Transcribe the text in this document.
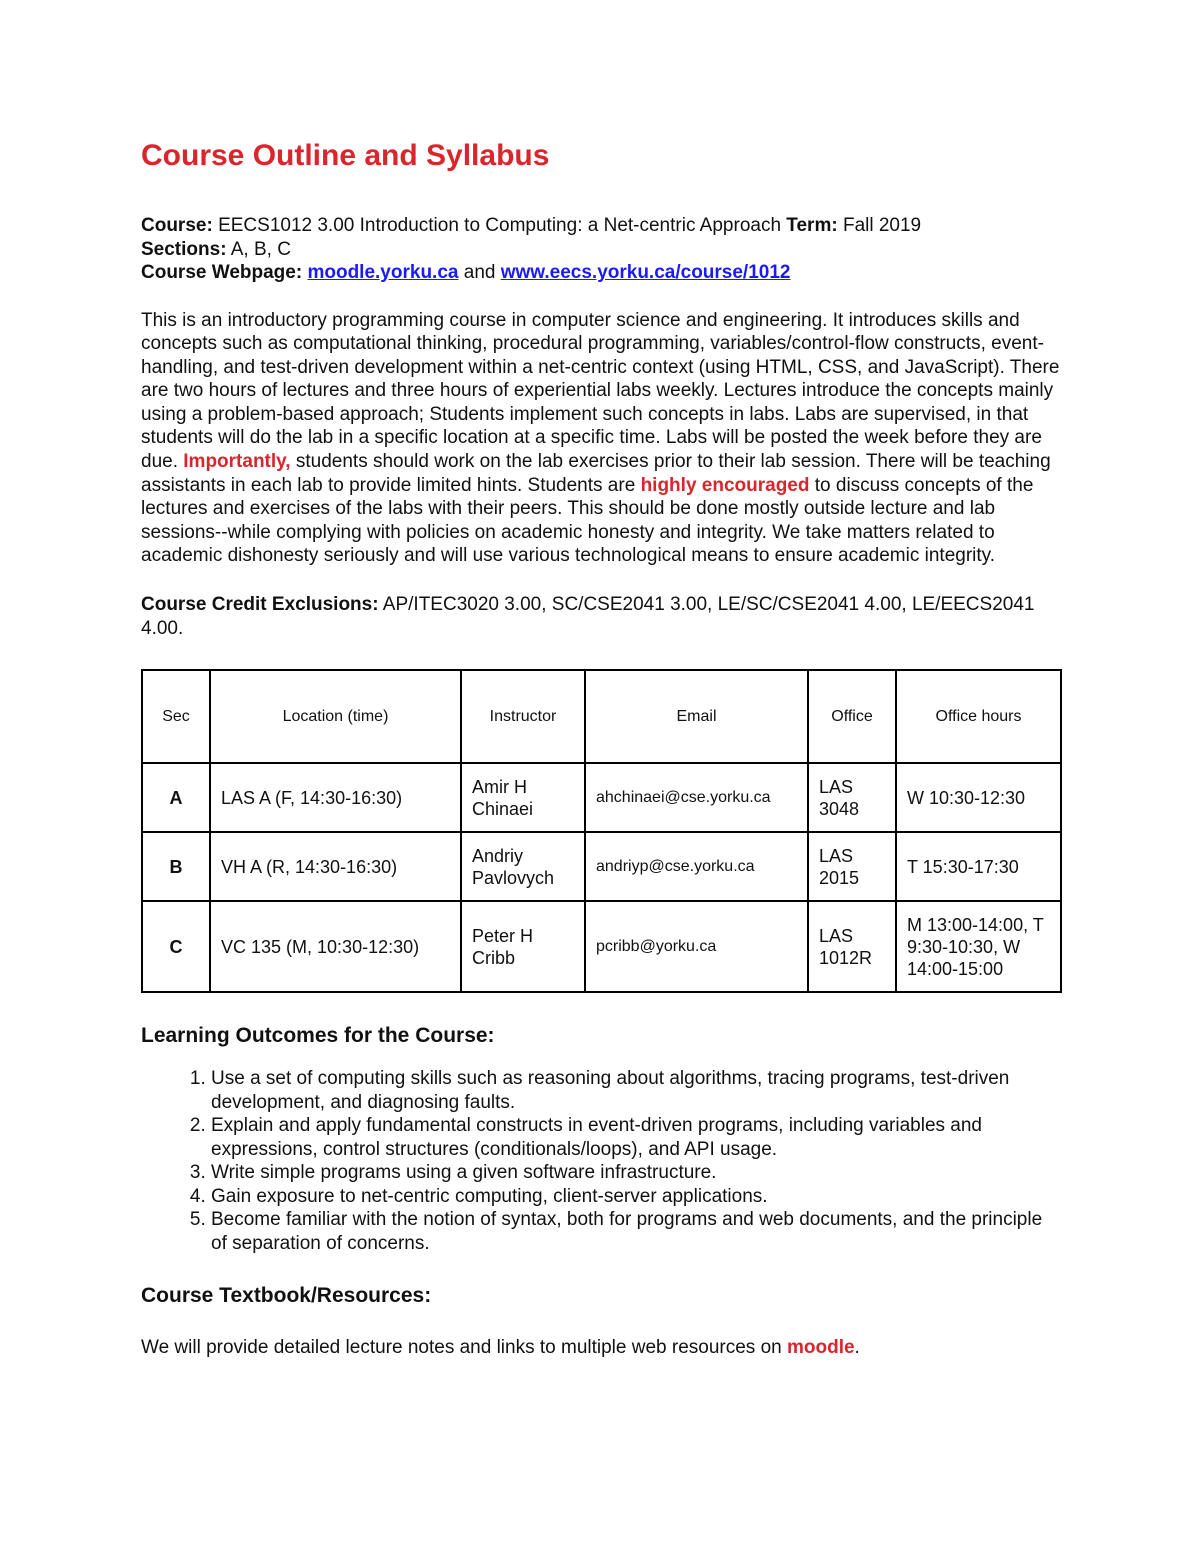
Course Outline and Syllabus
Course: EECS1012 3.00 Introduction to Computing: a Net-centric Approach Term: Fall 2019
Sections: A, B, C
Course Webpage: moodle.yorku.ca and www.eecs.yorku.ca/course/1012
This is an introductory programming course in computer science and engineering. It introduces skills and concepts such as computational thinking, procedural programming, variables/control-flow constructs, event-handling, and test-driven development within a net-centric context (using HTML, CSS, and JavaScript). There are two hours of lectures and three hours of experiential labs weekly. Lectures introduce the concepts mainly using a problem-based approach; Students implement such concepts in labs. Labs are supervised, in that students will do the lab in a specific location at a specific time. Labs will be posted the week before they are due. Importantly, students should work on the lab exercises prior to their lab session. There will be teaching assistants in each lab to provide limited hints. Students are highly encouraged to discuss concepts of the lectures and exercises of the labs with their peers. This should be done mostly outside lecture and lab sessions--while complying with policies on academic honesty and integrity. We take matters related to academic dishonesty seriously and will use various technological means to ensure academic integrity.
Course Credit Exclusions: AP/ITEC3020 3.00, SC/CSE2041 3.00, LE/SC/CSE2041 4.00, LE/EECS2041 4.00.
Sec	Location (time)	Instructor	Email	Office	Office hours
A	LAS A (F, 14:30-16:30)	Amir H Chinaei	ahchinaei@cse.yorku.ca	LAS 3048	W 10:30-12:30
B	VH A (R, 14:30-16:30)	Andriy Pavlovych	andriyp@cse.yorku.ca	LAS 2015	T 15:30-17:30
C	VC 135 (M, 10:30-12:30)	Peter H Cribb	pcribb@yorku.ca	LAS 1012R	M 13:00-14:00, T 9:30-10:30, W 14:00-15:00
Learning Outcomes for the Course:
1. Use a set of computing skills such as reasoning about algorithms, tracing programs, test-driven development, and diagnosing faults.
2. Explain and apply fundamental constructs in event-driven programs, including variables and expressions, control structures (conditionals/loops), and API usage.
3. Write simple programs using a given software infrastructure.
4. Gain exposure to net-centric computing, client-server applications.
5. Become familiar with the notion of syntax, both for programs and web documents, and the principle of separation of concerns.
Course Textbook/Resources:
We will provide detailed lecture notes and links to multiple web resources on moodle.
